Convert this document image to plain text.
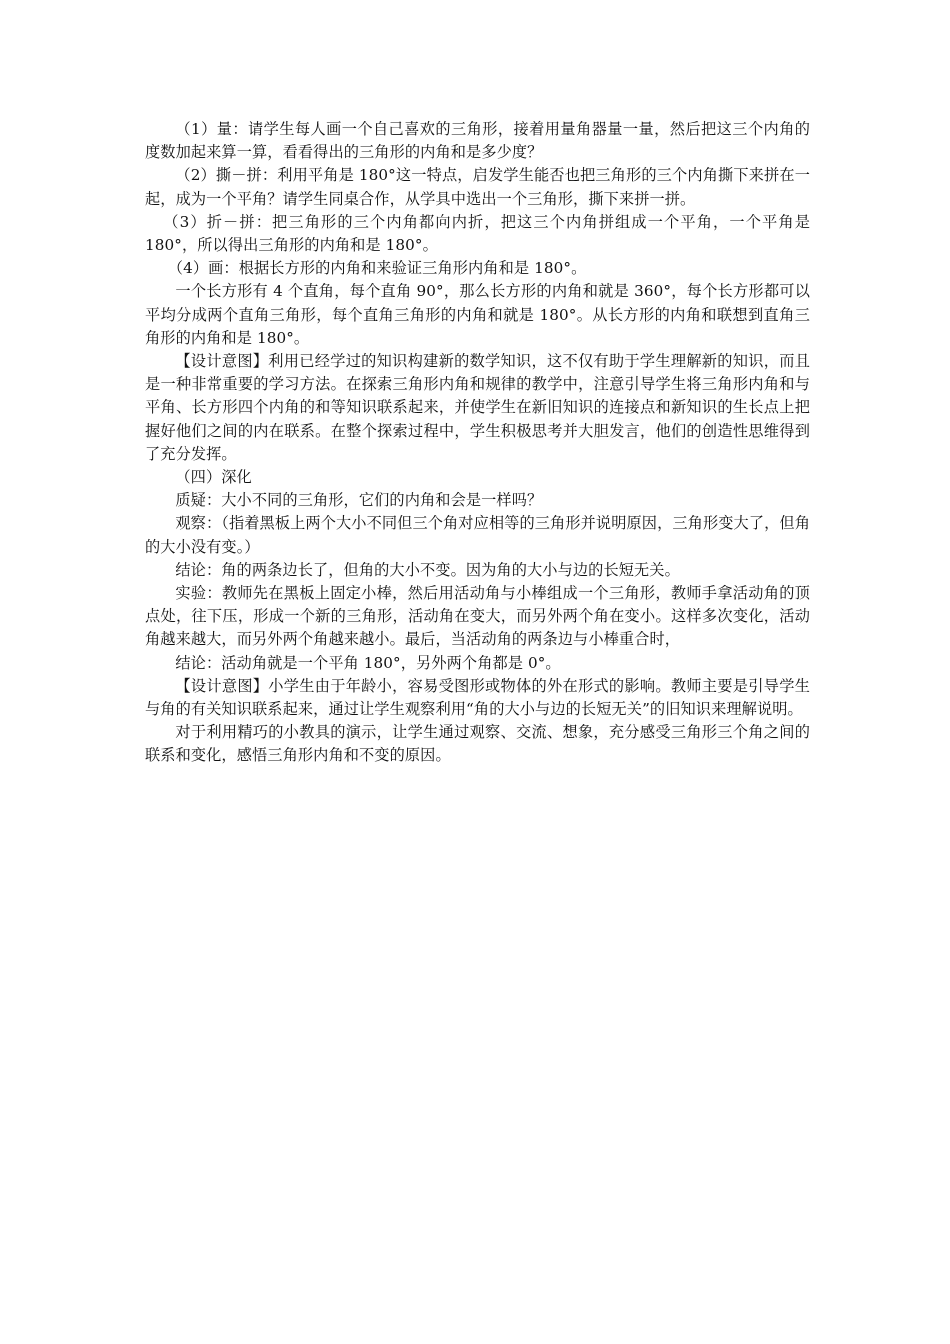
（1）量：请学生每人画一个自己喜欢的三角形，接着用量角器量一量，然后把这三个内角的度数加起来算一算，看看得出的三角形的内角和是多少度？

（2）撕－拼：利用平角是 180°这一特点，启发学生能否也把三角形的三个内角撕下来拼在一起，成为一个平角？请学生同桌合作，从学具中选出一个三角形，撕下来拼一拼。

（3）折－拼：把三角形的三个内角都向内折，把这三个内角拼组成一个平角，一个平角是 180°，所以得出三角形的内角和是 180°。

（4）画：根据长方形的内角和来验证三角形内角和是 180°。

一个长方形有 4 个直角，每个直角 90°，那么长方形的内角和就是 360°，每个长方形都可以平均分成两个直角三角形，每个直角三角形的内角和就是 180°。从长方形的内角和联想到直角三角形的内角和是 180°。

【设计意图】利用已经学过的知识构建新的数学知识，这不仅有助于学生理解新的知识，而且是一种非常重要的学习方法。在探索三角形内角和规律的教学中，注意引导学生将三角形内角和与平角、长方形四个内角的和等知识联系起来，并使学生在新旧知识的连接点和新知识的生长点上把握好他们之间的内在联系。在整个探索过程中，学生积极思考并大胆发言，他们的创造性思维得到了充分发挥。

（四）深化

质疑：大小不同的三角形，它们的内角和会是一样吗？

观察：（指着黑板上两个大小不同但三个角对应相等的三角形并说明原因，三角形变大了，但角的大小没有变。）

结论：角的两条边长了，但角的大小不变。因为角的大小与边的长短无关。

实验：教师先在黑板上固定小棒，然后用活动角与小棒组成一个三角形，教师手拿活动角的顶点处，往下压，形成一个新的三角形，活动角在变大，而另外两个角在变小。这样多次变化，活动角越来越大，而另外两个角越来越小。最后，当活动角的两条边与小棒重合时，

结论：活动角就是一个平角 180°，另外两个角都是 0°。

【设计意图】小学生由于年龄小，容易受图形或物体的外在形式的影响。教师主要是引导学生与角的有关知识联系起来，通过让学生观察利用“角的大小与边的长短无关”的旧知识来理解说明。

对于利用精巧的小教具的演示，让学生通过观察、交流、想象，充分感受三角形三个角之间的联系和变化，感悟三角形内角和不变的原因。
